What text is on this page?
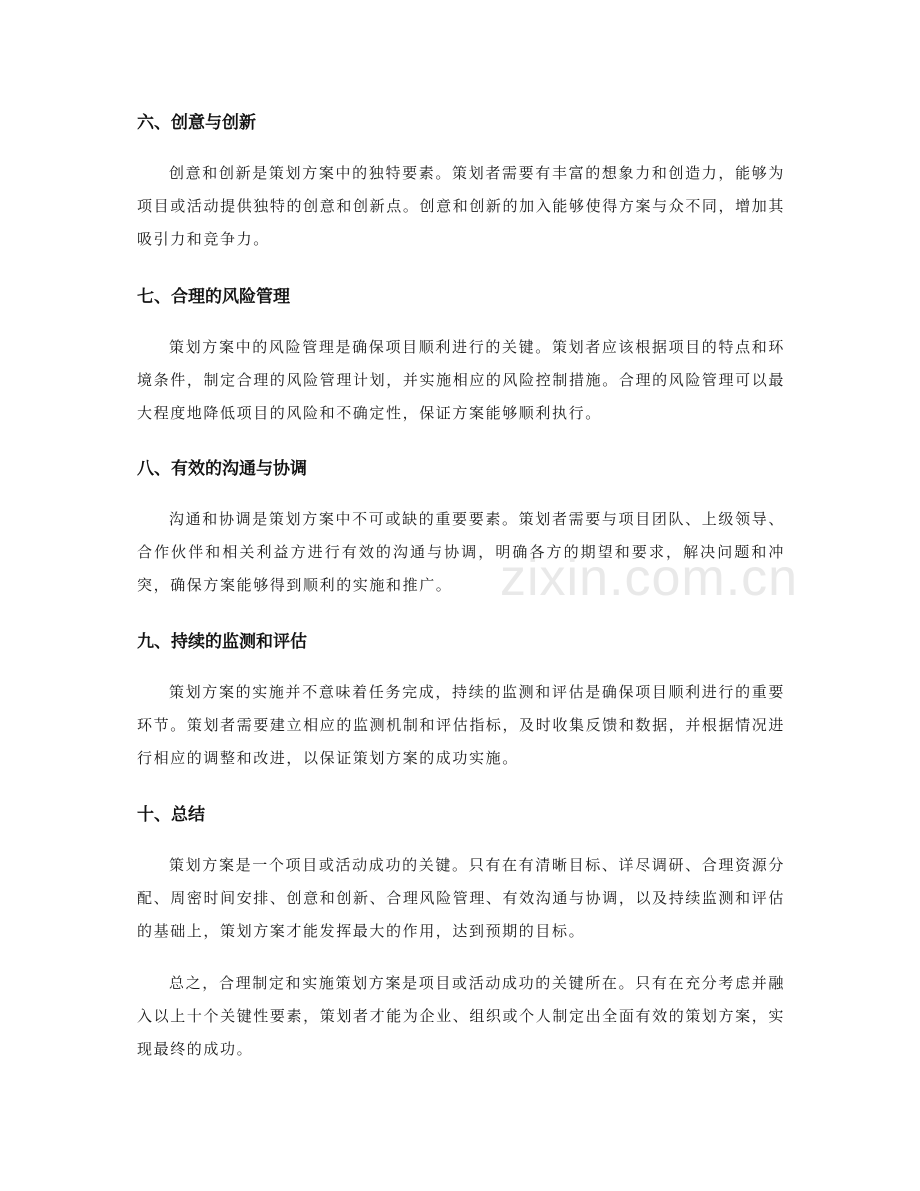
zixin.com.cn
六、创意与创新

创意和创新是策划方案中的独特要素。策划者需要有丰富的想象力和创造力，能够为项目或活动提供独特的创意和创新点。创意和创新的加入能够使得方案与众不同，增加其吸引力和竞争力。

七、合理的风险管理

策划方案中的风险管理是确保项目顺利进行的关键。策划者应该根据项目的特点和环境条件，制定合理的风险管理计划，并实施相应的风险控制措施。合理的风险管理可以最大程度地降低项目的风险和不确定性，保证方案能够顺利执行。

八、有效的沟通与协调

沟通和协调是策划方案中不可或缺的重要要素。策划者需要与项目团队、上级领导、合作伙伴和相关利益方进行有效的沟通与协调，明确各方的期望和要求，解决问题和冲突，确保方案能够得到顺利的实施和推广。

九、持续的监测和评估

策划方案的实施并不意味着任务完成，持续的监测和评估是确保项目顺利进行的重要环节。策划者需要建立相应的监测机制和评估指标，及时收集反馈和数据，并根据情况进行相应的调整和改进，以保证策划方案的成功实施。

十、总结

策划方案是一个项目或活动成功的关键。只有在有清晰目标、详尽调研、合理资源分配、周密时间安排、创意和创新、合理风险管理、有效沟通与协调，以及持续监测和评估的基础上，策划方案才能发挥最大的作用，达到预期的目标。

总之，合理制定和实施策划方案是项目或活动成功的关键所在。只有在充分考虑并融入以上十个关键性要素，策划者才能为企业、组织或个人制定出全面有效的策划方案，实现最终的成功。
